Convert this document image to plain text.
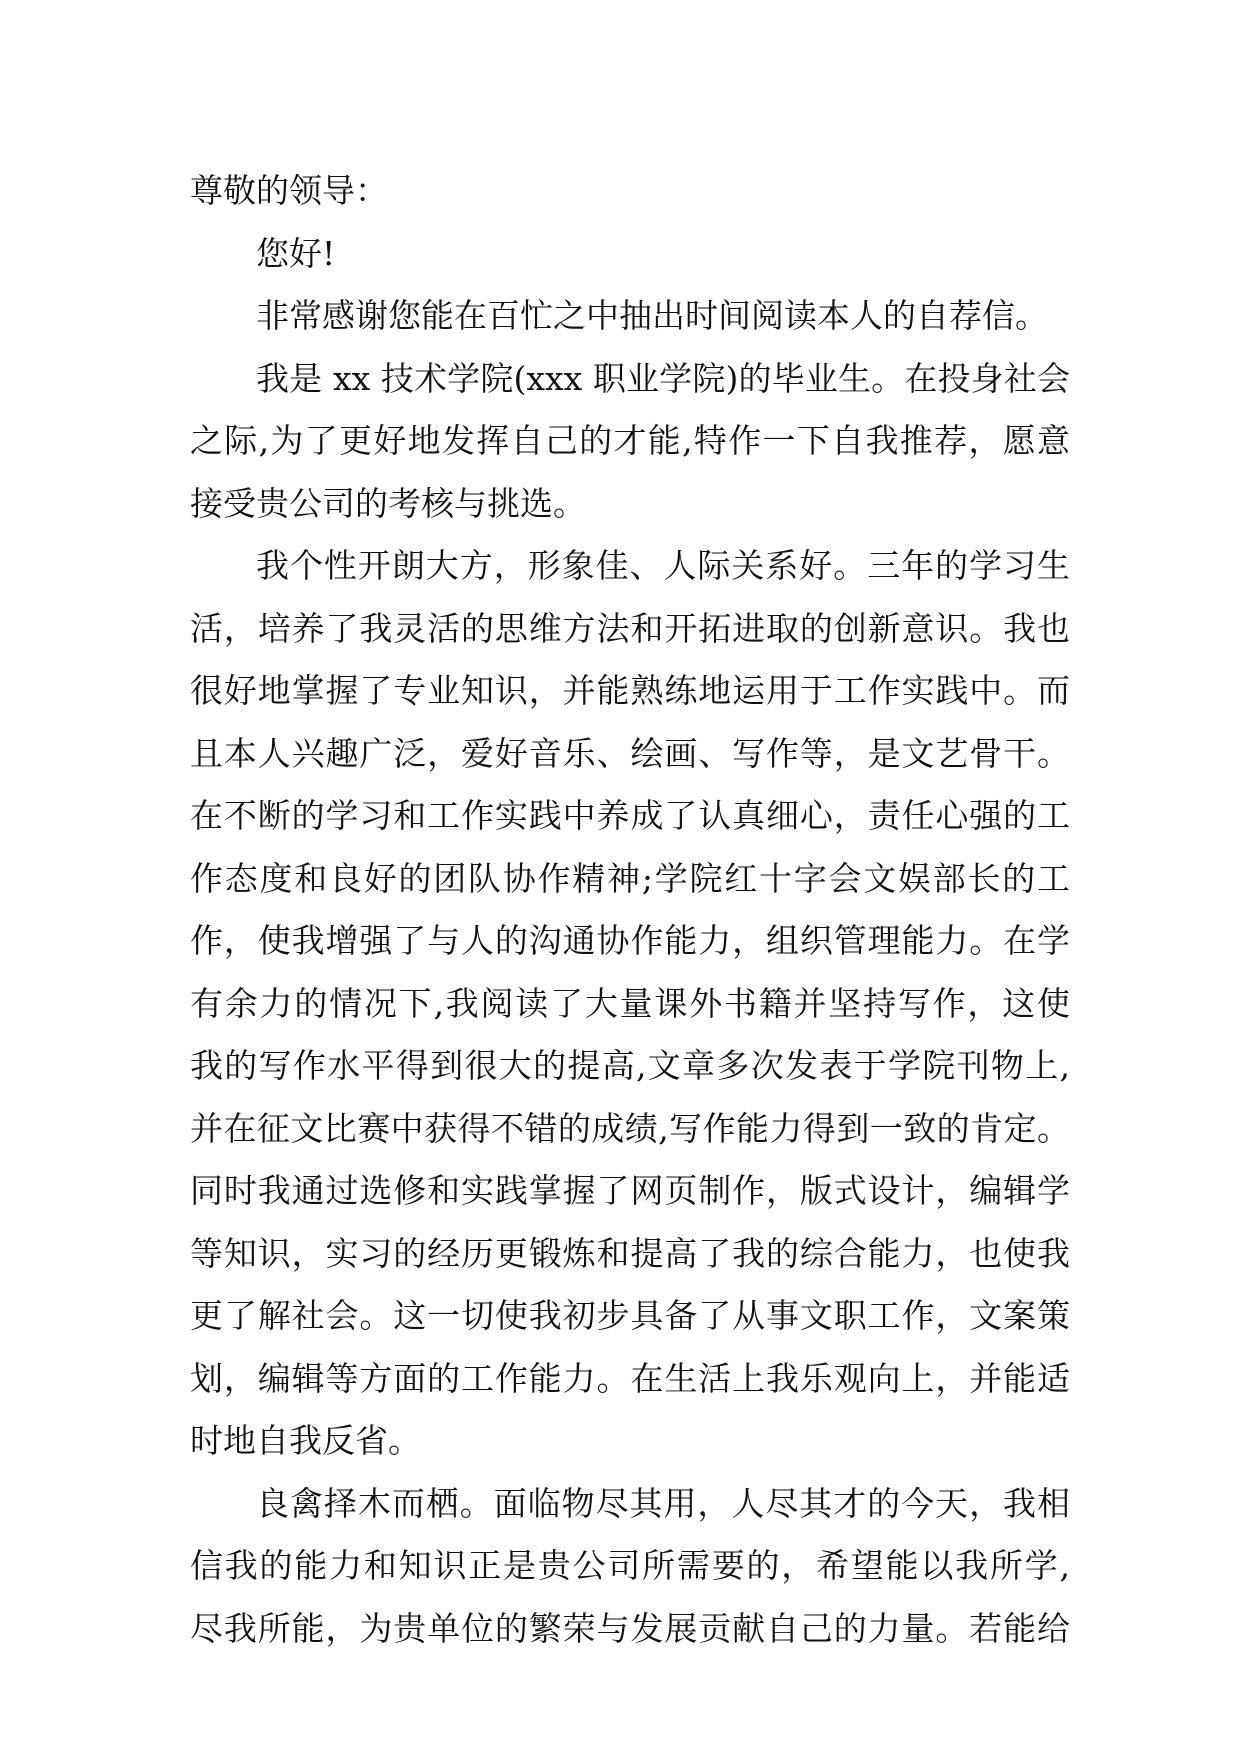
尊敬的领导：
您好!
非常感谢您能在百忙之中抽出时间阅读本人的自荐信。
我是 xx 技术学院(xxx 职业学院)的毕业生。在投身社会
之际,为了更好地发挥自己的才能,特作一下自我推荐，愿意
接受贵公司的考核与挑选。
我个性开朗大方，形象佳、人际关系好。三年的学习生
活，培养了我灵活的思维方法和开拓进取的创新意识。我也
很好地掌握了专业知识，并能熟练地运用于工作实践中。而
且本人兴趣广泛，爱好音乐、绘画、写作等，是文艺骨干。
在不断的学习和工作实践中养成了认真细心，责任心强的工
作态度和良好的团队协作精神;学院红十字会文娱部长的工
作，使我增强了与人的沟通协作能力，组织管理能力。在学
有余力的情况下,我阅读了大量课外书籍并坚持写作，这使
我的写作水平得到很大的提高,文章多次发表于学院刊物上,
并在征文比赛中获得不错的成绩,写作能力得到一致的肯定。
同时我通过选修和实践掌握了网页制作，版式设计，编辑学
等知识，实习的经历更锻炼和提高了我的综合能力，也使我
更了解社会。这一切使我初步具备了从事文职工作，文案策
划，编辑等方面的工作能力。在生活上我乐观向上，并能适
时地自我反省。
良禽择木而栖。面临物尽其用，人尽其才的今天，我相
信我的能力和知识正是贵公司所需要的，希望能以我所学,
尽我所能，为贵单位的繁荣与发展贡献自己的力量。若能给
